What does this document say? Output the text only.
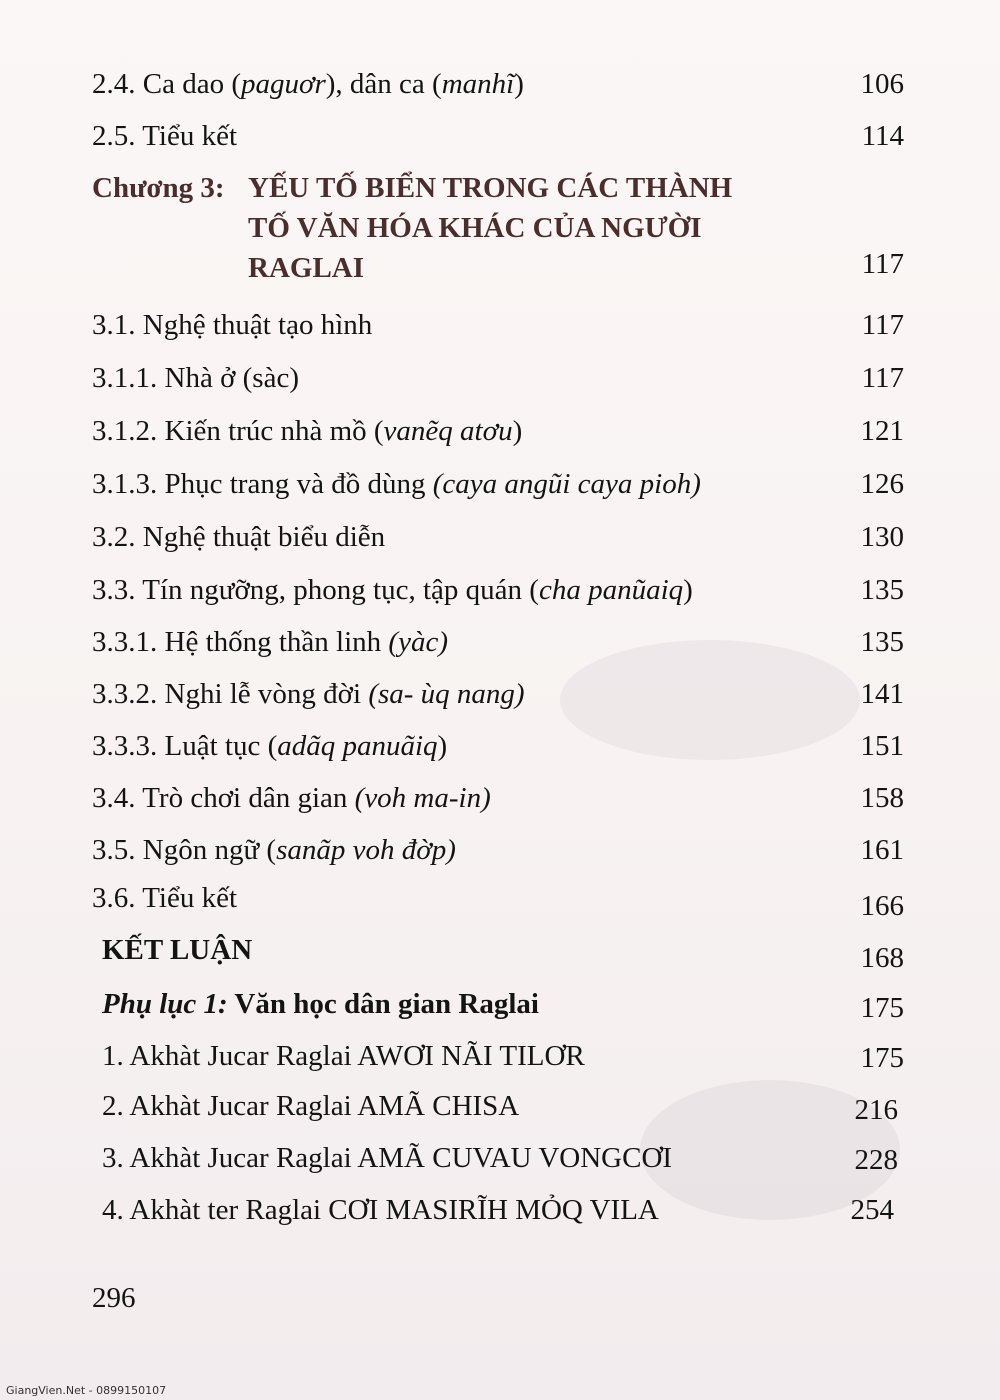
2.4. Ca dao (paguơr), dân ca (manhĩ)	106
2.5. Tiểu kết	114
Chương 3: YẾU TỐ BIỂN TRONG CÁC THÀNH
TỐ VĂN HÓA KHÁC CỦA NGƯỜI
RAGLAI	117
3.1. Nghệ thuật tạo hình	117
3.1.1. Nhà ở (sàc)	117
3.1.2. Kiến trúc nhà mồ (vanẽq atơu)	121
3.1.3. Phục trang và đồ dùng (caya angũi caya pioh)	126
3.2. Nghệ thuật biểu diễn	130
3.3. Tín ngưỡng, phong tục, tập quán (cha panũaiq)	135
3.3.1. Hệ thống thần linh (yàc)	135
3.3.2. Nghi lễ vòng đời (sa- ùq nang)	141
3.3.3. Luật tục (adãq panuãiq)	151
3.4. Trò chơi dân gian (voh ma-in)	158
3.5. Ngôn ngữ (sanãp voh đờp)	161
3.6. Tiểu kết	166
KẾT LUẬN	168
Phụ lục 1: Văn học dân gian Raglai	175
1. Akhàt Jucar Raglai AWƠI NÃI TILƠR	175
2. Akhàt Jucar Raglai AMÃ CHISA	216
3. Akhàt Jucar Raglai AMÃ CUVAU VONGCƠI	228
4. Akhàt ter Raglai CƠI MASIRĨH MỎQ VILA	254
296
GiangVien.Net - 0899150107
